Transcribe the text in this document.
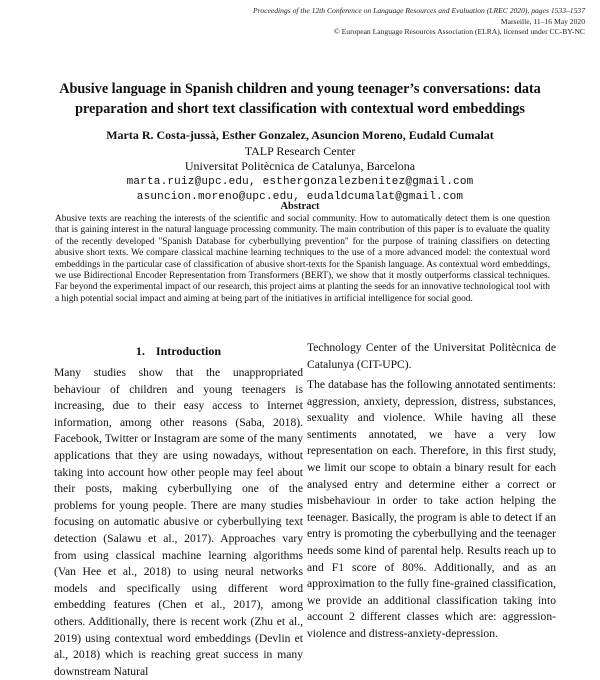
Proceedings of the 12th Conference on Language Resources and Evaluation (LREC 2020), pages 1533–1537
Marseille, 11–16 May 2020
© European Language Resources Association (ELRA), licensed under CC-BY-NC
Abusive language in Spanish children and young teenager’s conversations: data preparation and short text classification with contextual word embeddings
Marta R. Costa-jussà, Esther Gonzalez, Asuncion Moreno, Eudald Cumalat
TALP Research Center
Universitat Politècnica de Catalunya, Barcelona
marta.ruiz@upc.edu, esthergonzalezbenitez@gmail.com
asuncion.moreno@upc.edu, eudaldcumalat@gmail.com
Abstract

Abusive texts are reaching the interests of the scientific and social community. How to automatically detect them is one question that is gaining interest in the natural language processing community. The main contribution of this paper is to evaluate the quality of the recently developed "Spanish Database for cyberbullying prevention" for the purpose of training classifiers on detecting abusive short texts. We compare classical machine learning techniques to the use of a more advanced model: the contextual word embeddings in the particular case of classification of abusive short-texts for the Spanish language. As contextual word embeddings, we use Bidirectional Encoder Representation from Transformers (BERT), we show that it mostly outperforms classical techniques. Far beyond the experimental impact of our research, this project aims at planting the seeds for an innovative technological tool with a high potential social impact and aiming at being part of the initiatives in artificial intelligence for social good.

1. Introduction

Many studies show that the unappropriated behaviour of children and young teenagers is increasing, due to their easy access to Internet information, among other reasons (Saba, 2018). Facebook, Twitter or Instagram are some of the many applications that they are using nowadays, without taking into account how other people may feel about their posts, making cyberbullying one of the problems for young people. There are many studies focusing on automatic abusive or cyberbullying text detection (Salawu et al., 2017). Approaches vary from using classical machine learning algorithms (Van Hee et al., 2018) to using neural networks models and specifically using different word embedding features (Chen et al., 2017), among others. Additionally, there is recent work (Zhu et al., 2019) using contextual word embeddings (Devlin et al., 2018) which is reaching great success in many downstream Natural

Technology Center of the Universitat Politècnica de Catalunya (CIT-UPC).

The database has the following annotated sentiments: aggression, anxiety, depression, distress, substances, sexuality and violence. While having all these sentiments annotated, we have a very low representation on each. Therefore, in this first study, we limit our scope to obtain a binary result for each analysed entry and determine either a correct or misbehaviour in order to take action helping the teenager. Basically, the program is able to detect if an entry is promoting the cyberbullying and the teenager needs some kind of parental help. Results reach up to and F1 score of 80%. Additionally, and as an approximation to the fully fine-grained classification, we provide an additional classification taking into account 2 different classes which are: aggression-violence and distress-anxiety-depression.
